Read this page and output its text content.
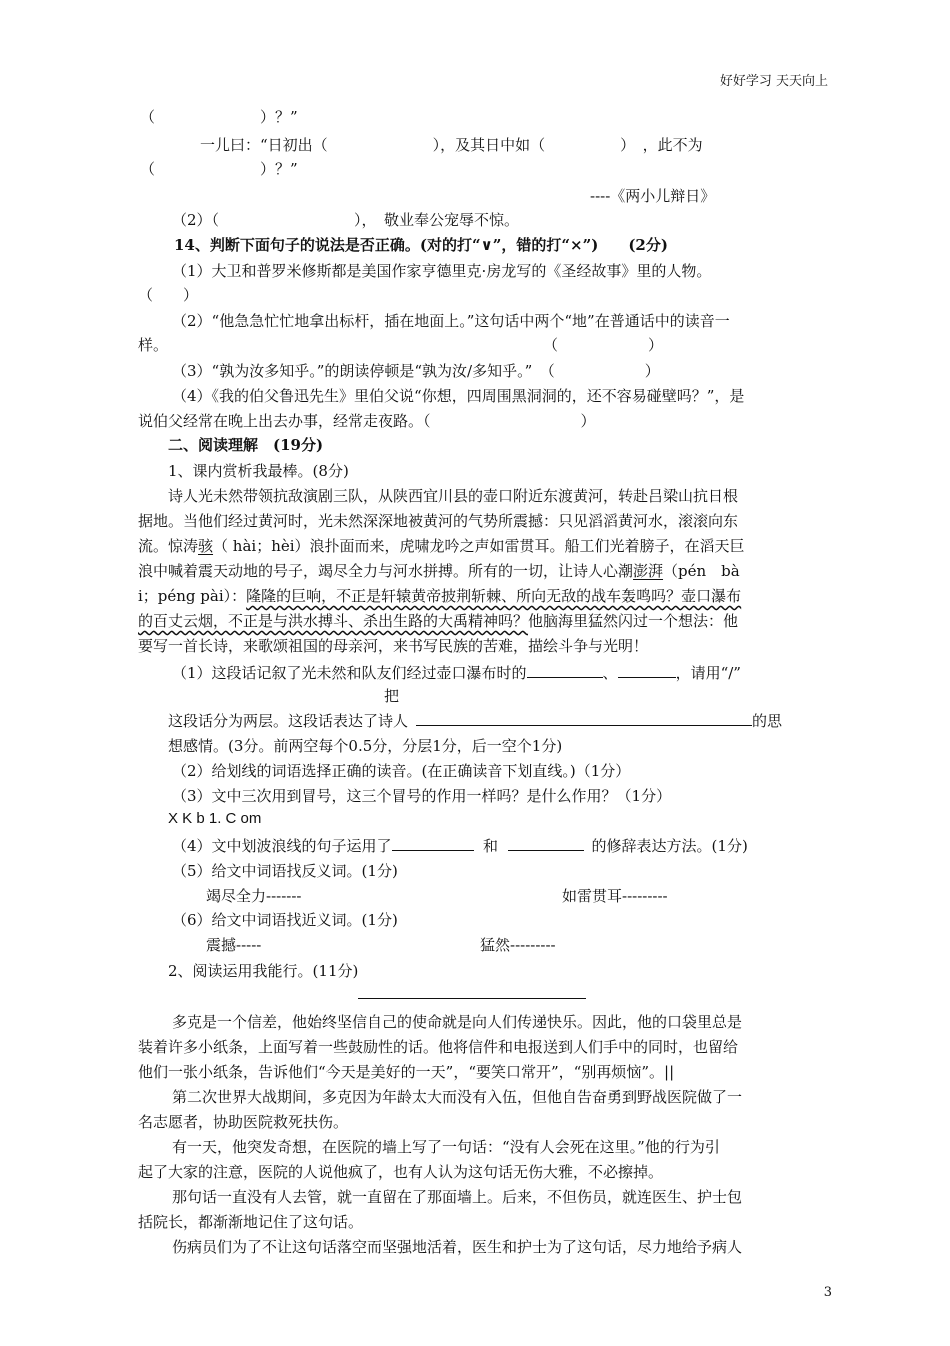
好好学习 天天向上
（　　　　　　　）？”
一儿曰：“日初出（　　　　　　　），及其日中如（　　　　　）　，此不为
（　　　　　　　）？”
----《两小儿辩日》
（2）（　　　　　　　　　），　敬业奉公宠辱不惊。
14、判断下面句子的说法是否正确。(对的打“∨”，错的打“×”)　　(2分)
（1）大卫和普罗米修斯都是美国作家亨德里克·房龙写的《圣经故事》里的人物。
（　　）
（2）“他急急忙忙地拿出标杆，插在地面上。”这句话中两个“地”在普通话中的读音一
样。　　　　　　　　　　　　　　　　　　　　　　　　　　（　　　　　　）
（3）“孰为汝多知乎。”的朗读停顿是“孰为汝/多知乎。”　（　　　　　　）
（4）《我的伯父鲁迅先生》里伯父说“你想，四周围黑洞洞的，还不容易碰壁吗？”，是
说伯父经常在晚上出去办事，经常走夜路。（　　　　　　　　　　）
二、阅读理解　(19分)
1、课内赏析我最棒。(8分)
诗人光未然带领抗敌演剧三队，从陕西宜川县的壶口附近东渡黄河，转赴吕梁山抗日根
据地。当他们经过黄河时，光未然深深地被黄河的气势所震撼：只见滔滔黄河水，滚滚向东
流。惊涛骇（ hài；hèi）浪扑面而来，虎啸龙吟之声如雷贯耳。船工们光着膀子，在滔天巨
浪中喊着震天动地的号子，竭尽全力与河水拼搏。所有的一切，让诗人心潮澎湃（pén　bà
i；péng pài）：隆隆的巨响，不正是轩辕黄帝披荆斩棘、所向无敌的战车轰鸣吗？壶口瀑布
的百丈云烟，不正是与洪水搏斗、杀出生路的大禹精神吗？他脑海里猛然闪过一个想法：他
要写一首长诗，来歌颂祖国的母亲河，来书写民族的苦难，描绘斗争与光明！
（1）这段话记叙了光未然和队友们经过壶口瀑布时的	、	，请用“/”
把
这段话分为两层。这段话表达了诗人	的思
想感情。(3分。前两空每个0.5分，分层1分，后一空个1分)
（2）给划线的词语选择正确的读音。(在正确读音下划直线。)（1分）
（3）文中三次用到冒号，这三个冒号的作用一样吗？是什么作用？（1分）
X K b 1. C om
（4）文中划波浪线的句子运用了	和	的修辞表达方法。(1分)
（5）给文中词语找反义词。(1分)
竭尽全力-------	如雷贯耳---------
（6）给文中词语找近义词。(1分)
震撼-----	猛然---------
2、阅读运用我能行。(11分)
多克是一个信差，他始终坚信自己的使命就是向人们传递快乐。因此，他的口袋里总是
装着许多小纸条，上面写着一些鼓励性的话。他将信件和电报送到人们手中的同时，也留给
他们一张小纸条，告诉他们“今天是美好的一天”，“要笑口常开”，“别再烦恼”。||
第二次世界大战期间，多克因为年龄太大而没有入伍，但他自告奋勇到野战医院做了一
名志愿者，协助医院救死扶伤。
有一天，他突发奇想，在医院的墙上写了一句话：“没有人会死在这里。”他的行为引
起了大家的注意，医院的人说他疯了，也有人认为这句话无伤大雅，不必擦掉。
那句话一直没有人去管，就一直留在了那面墙上。后来，不但伤员，就连医生、护士包
括院长，都渐渐地记住了这句话。
伤病员们为了不让这句话落空而坚强地活着，医生和护士为了这句话，尽力地给予病人
3
